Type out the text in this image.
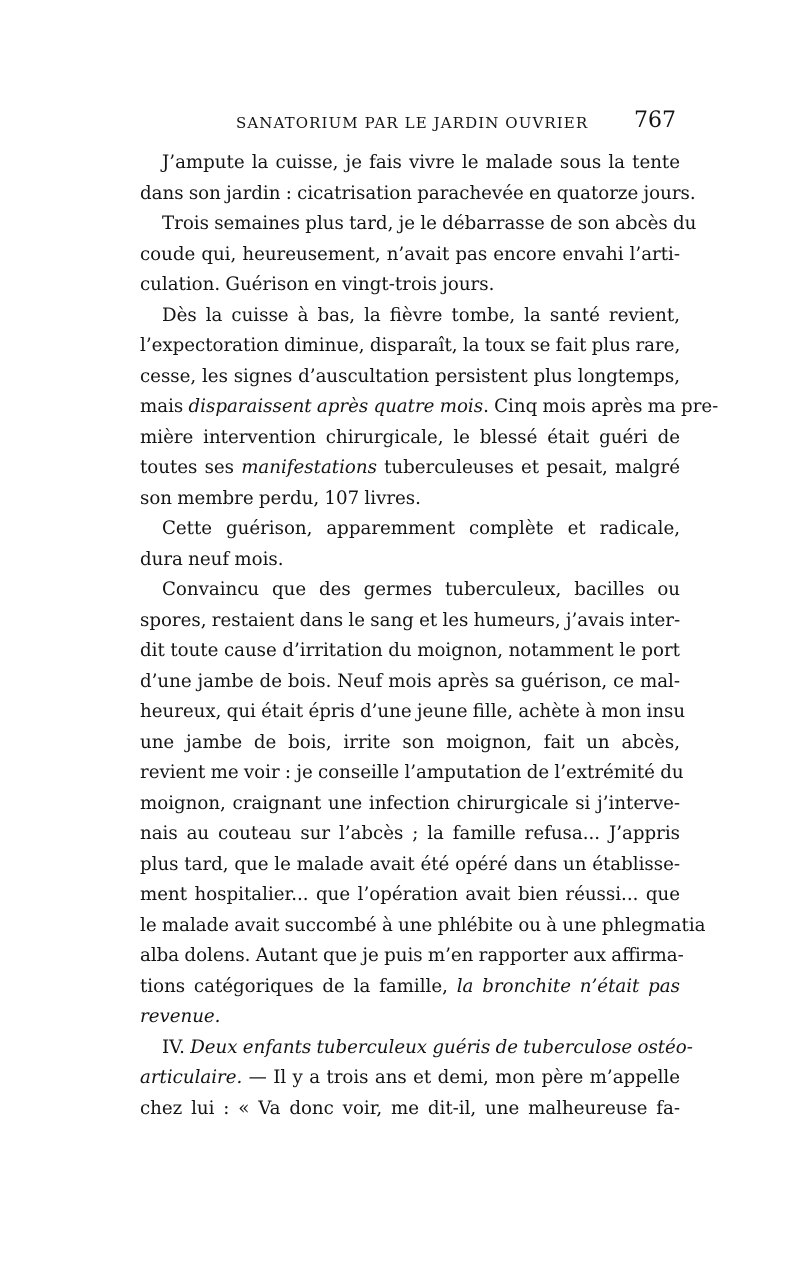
SANATORIUM PAR LE JARDIN OUVRIER 767
J’ampute la cuisse, je fais vivre le malade sous la tente
dans son jardin : cicatrisation parachevée en quatorze jours.
Trois semaines plus tard, je le débarrasse de son abcès du
coude qui, heureusement, n’avait pas encore envahi l’arti-
culation. Guérison en vingt-trois jours.
Dès la cuisse à bas, la fièvre tombe, la santé revient,
l’expectoration diminue, disparaît, la toux se fait plus rare,
cesse, les signes d’auscultation persistent plus longtemps,
mais disparaissent après quatre mois. Cinq mois après ma pre-
mière intervention chirurgicale, le blessé était guéri de
toutes ses manifestations tuberculeuses et pesait, malgré
son membre perdu, 107 livres.
Cette guérison, apparemment complète et radicale,
dura neuf mois.
Convaincu que des germes tuberculeux, bacilles ou
spores, restaient dans le sang et les humeurs, j’avais inter-
dit toute cause d’irritation du moignon, notamment le port
d’une jambe de bois. Neuf mois après sa guérison, ce mal-
heureux, qui était épris d’une jeune fille, achète à mon insu
une jambe de bois, irrite son moignon, fait un abcès,
revient me voir : je conseille l’amputation de l’extrémité du
moignon, craignant une infection chirurgicale si j’interve-
nais au couteau sur l’abcès ; la famille refusa... J’appris
plus tard, que le malade avait été opéré dans un établisse-
ment hospitalier... que l’opération avait bien réussi... que
le malade avait succombé à une phlébite ou à une phlegmatia
alba dolens. Autant que je puis m’en rapporter aux affirma-
tions catégoriques de la famille, la bronchite n’était pas
revenue.
IV. Deux enfants tuberculeux guéris de tuberculose ostéo-
articulaire. — Il y a trois ans et demi, mon père m’appelle
chez lui : « Va donc voir, me dit-il, une malheureuse fa-
